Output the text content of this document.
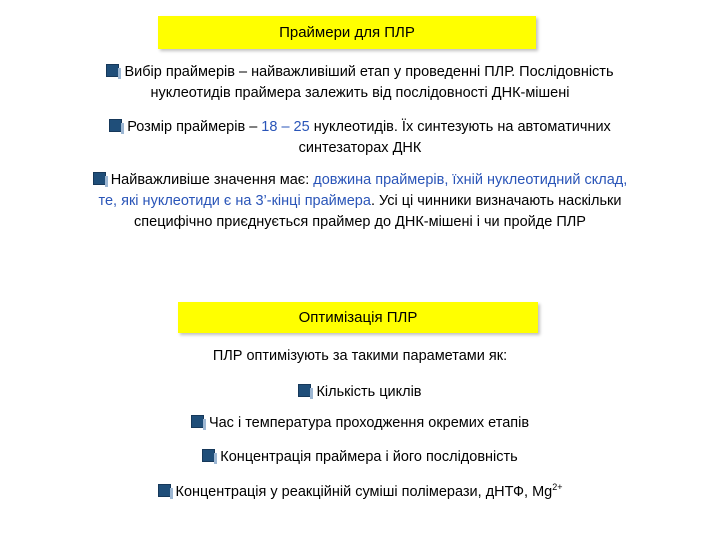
Праймери для ПЛР
Вибір праймерів – найважливіший етап у проведенні ПЛР. Послідовність
нуклеотидів праймера залежить від послідовності ДНК-мішені
Розмір праймерів – 18 – 25 нуклеотидів. Їх синтезують на автоматичних
синтезаторах ДНК
Найважливіше значення має: довжина праймерів, їхній нуклеотидний склад,
те, які нуклеотиди є на 3’-кінці праймера. Усі ці чинники визначають наскільки
специфічно приєднується праймер до ДНК-мішені і чи пройде ПЛР
Оптимізація ПЛР
ПЛР оптимізують за такими параметами як:
Кількість циклів
Час і температура проходження окремих етапів
Концентрація праймера і його послідовність
Концентрація у реакційній суміші полімерази, дНТФ, $Mg^{2+}$
